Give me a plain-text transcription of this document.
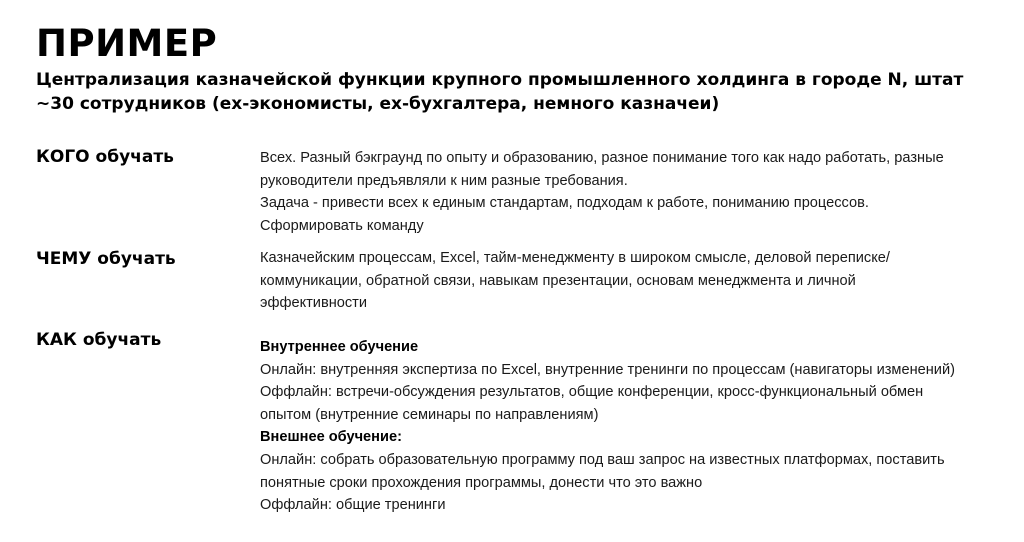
ПРИМЕР
Централизация казначейской функции крупного промышленного холдинга в городе N, штат ~30 сотрудников (ex-экономисты, ex-бухгалтера, немного казначеи)
КОГО обучать	Всех. Разный бэкграунд по опыту и образованию, разное понимание того как надо работать, разные руководители предъявляли к ним разные требования.

Задача - привести всех к единым стандартам, подходам к работе, пониманию процессов.

Сформировать команду

ЧЕМУ обучать	Казначейским процессам, Excel, тайм-менеджменту в широком смысле, деловой переписке/коммуникации, обратной связи, навыкам презентации, основам менеджмента и личной эффективности

КАК обучать	Внутреннее обучение

Онлайн: внутренняя экспертиза по Excel, внутренние тренинги по процессам (навигаторы изменений)

Оффлайн: встречи-обсуждения результатов, общие конференции, кросс-функциональный обмен опытом (внутренние семинары по направлениям)

Внешнее обучение:

Онлайн: собрать образовательную программу под ваш запрос на известных платформах, поставить понятные сроки прохождения программы, донести что это важно

Оффлайн: общие тренинги
